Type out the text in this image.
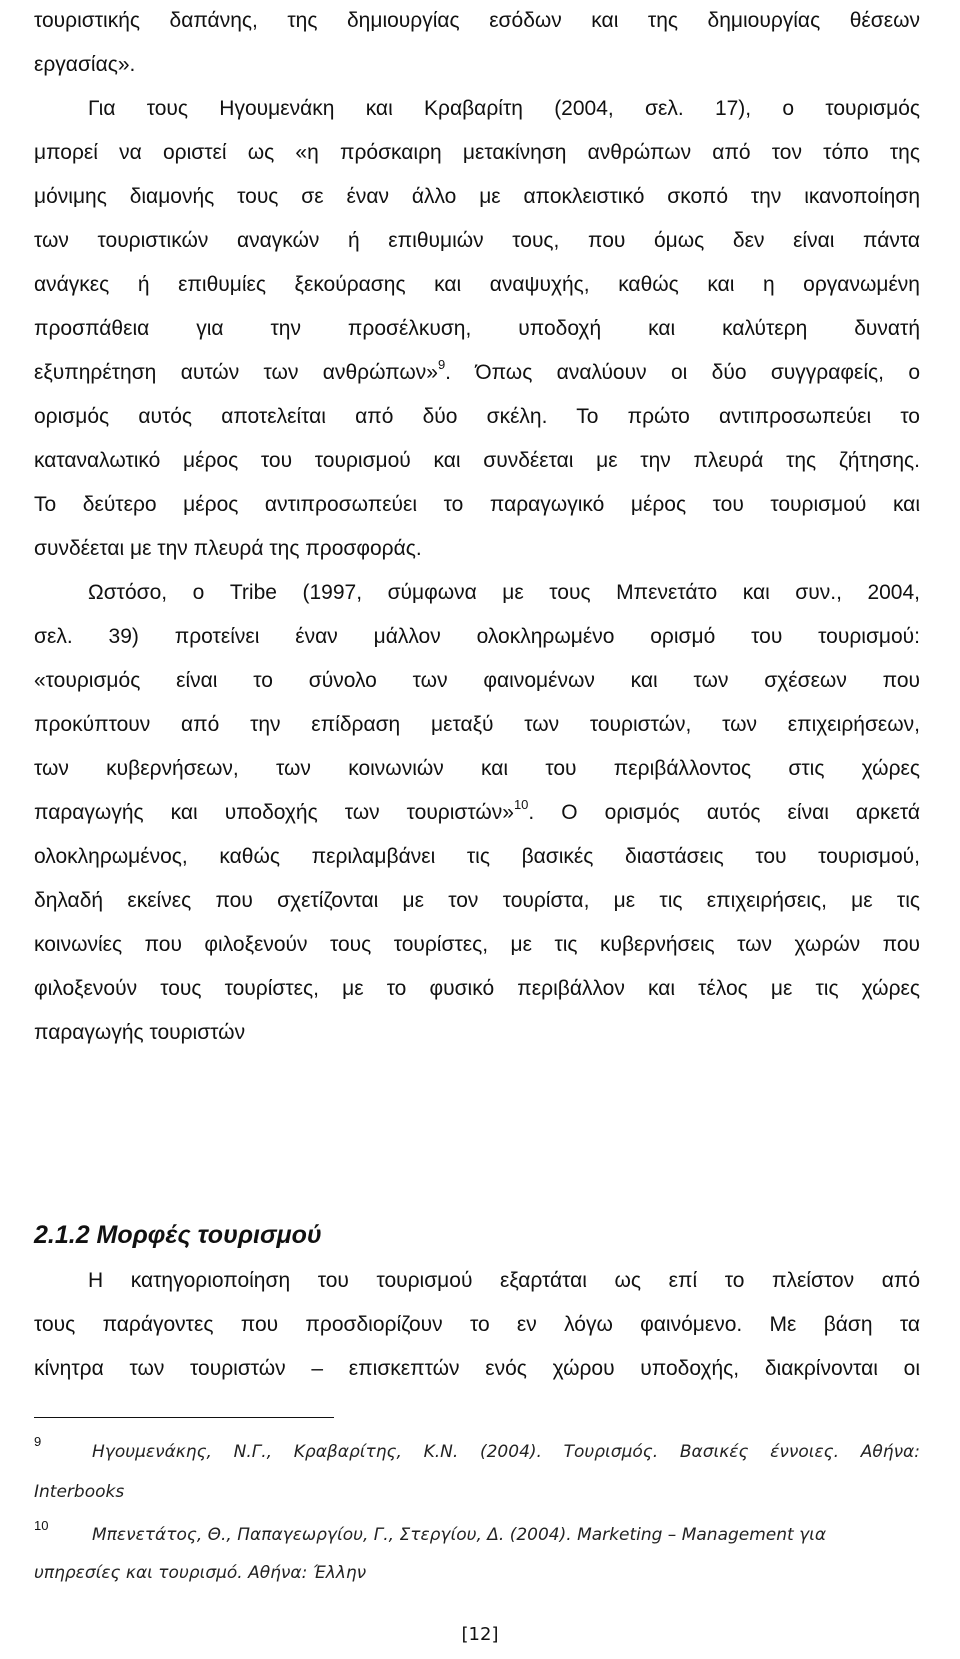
τουριστικής δαπάνης, της δημιουργίας εσόδων και της δημιουργίας θέσεων
εργασίας».
Για τους Ηγουμενάκη και Κραβαρίτη (2004, σελ. 17), ο τουρισμός
μπορεί να οριστεί ως «η πρόσκαιρη μετακίνηση ανθρώπων από τον τόπο της
μόνιμης διαμονής τους σε έναν άλλο με αποκλειστικό σκοπό την ικανοποίηση
των τουριστικών αναγκών ή επιθυμιών τους, που όμως δεν είναι πάντα
ανάγκες ή επιθυμίες ξεκούρασης και αναψυχής, καθώς και η οργανωμένη
προσπάθεια για την προσέλκυση, υποδοχή και καλύτερη δυνατή
εξυπηρέτηση αυτών των ανθρώπων»$^9$. Όπως αναλύουν οι δύο συγγραφείς, ο
ορισμός αυτός αποτελείται από δύο σκέλη. Το πρώτο αντιπροσωπεύει το
καταναλωτικό μέρος του τουρισμού και συνδέεται με την πλευρά της ζήτησης.
Το δεύτερο μέρος αντιπροσωπεύει το παραγωγικό μέρος του τουρισμού και
συνδέεται με την πλευρά της προσφοράς.
Ωστόσο, ο Tribe (1997, σύμφωνα με τους Μπενετάτο και συν., 2004,
σελ. 39) προτείνει έναν μάλλον ολοκληρωμένο ορισμό του τουρισμού:
«τουρισμός είναι το σύνολο των φαινομένων και των σχέσεων που
προκύπτουν από την επίδραση μεταξύ των τουριστών, των επιχειρήσεων,
των κυβερνήσεων, των κοινωνιών και του περιβάλλοντος στις χώρες
παραγωγής και υποδοχής των τουριστών»$^{10}$. Ο ορισμός αυτός είναι αρκετά
ολοκληρωμένος, καθώς περιλαμβάνει τις βασικές διαστάσεις του τουρισμού,
δηλαδή εκείνες που σχετίζονται με τον τουρίστα, με τις επιχειρήσεις, με τις
κοινωνίες που φιλοξενούν τους τουρίστες, με τις κυβερνήσεις των χωρών που
φιλοξενούν τους τουρίστες, με το φυσικό περιβάλλον και τέλος με τις χώρες
παραγωγής τουριστών
2.1.2 Μορφές τουρισμού
Η κατηγοριοποίηση του τουρισμού εξαρτάται ως επί το πλείστον από
τους παράγοντες που προσδιορίζουν το εν λόγω φαινόμενο. Με βάση τα
κίνητρα των τουριστών – επισκεπτών ενός χώρου υποδοχής, διακρίνονται οι
9
Ηγουμενάκης, Ν.Γ., Κραβαρίτης, Κ.Ν. (2004). Τουρισμός. Βασικές έννοιες. Αθήνα:
Interbooks
10	Μπενετάτος, Θ., Παπαγεωργίου, Γ., Στεργίου, Δ. (2004). Marketing – Management για
υπηρεσίες και τουρισμό. Αθήνα: Έλλην
[12]
